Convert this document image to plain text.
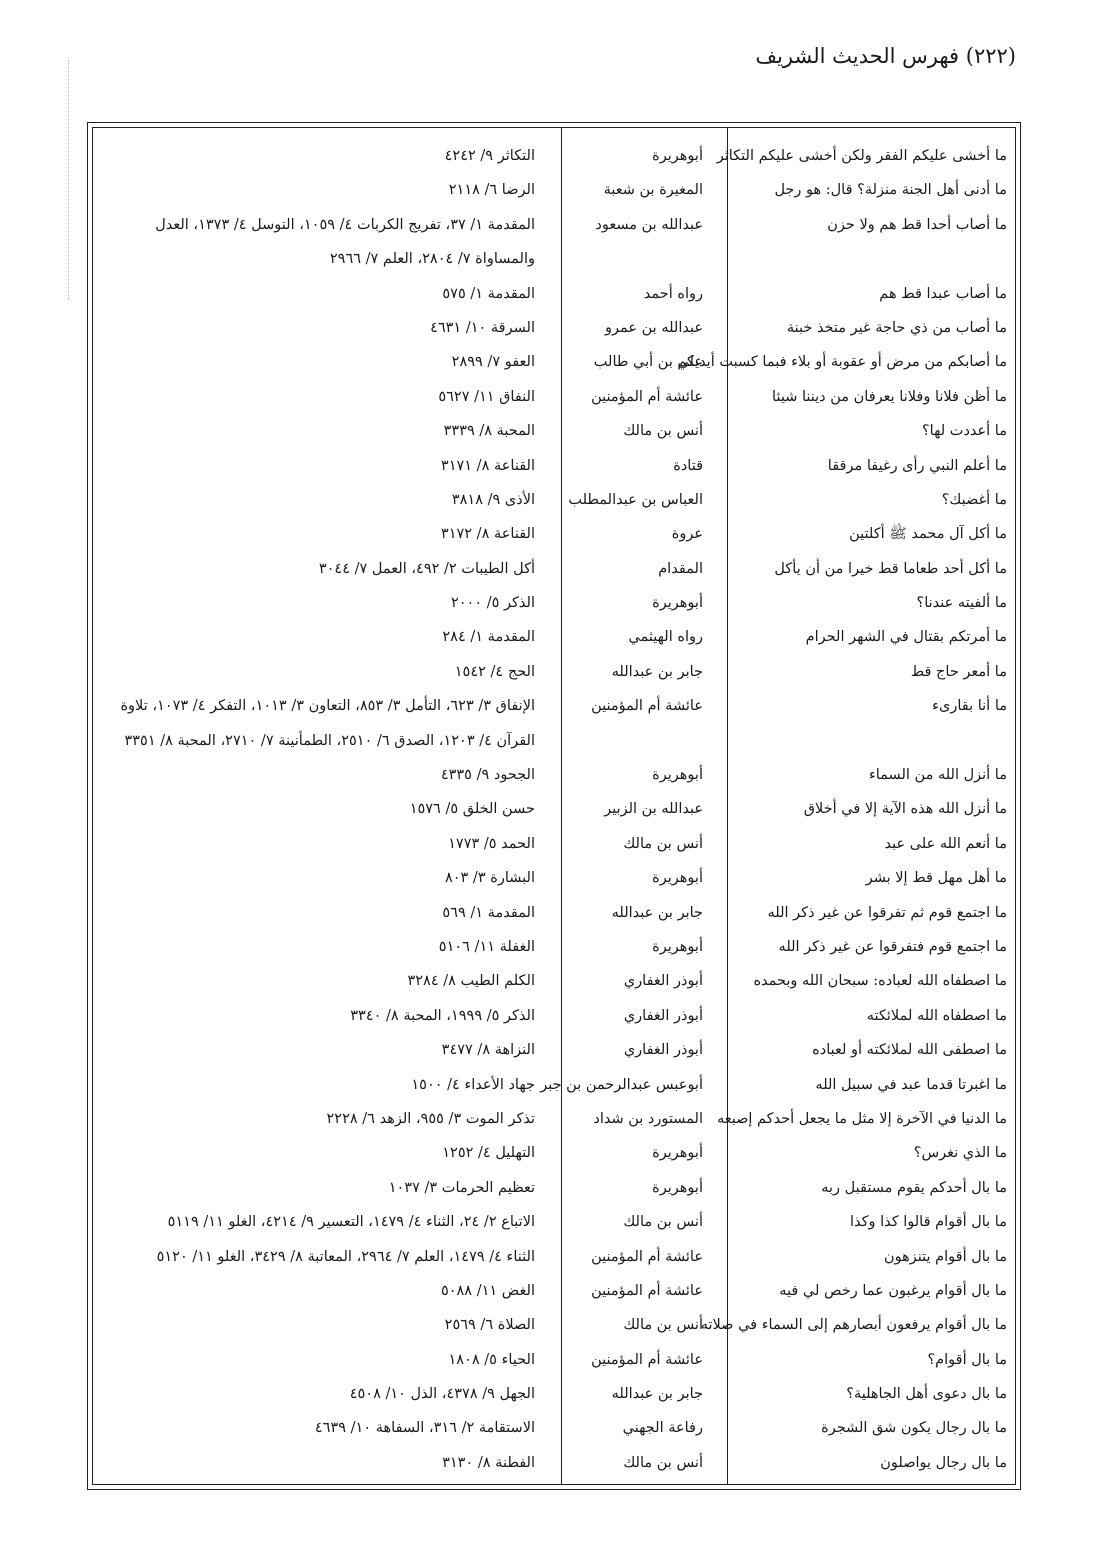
(٢٢٢) فهرس الحديث الشريف
ما أخشى عليكم الفقر ولكن أخشى عليكم التكاثر
أبوهريرة
التكاثر ٩/ ٤٢٤٢
ما أدنى أهل الجنة منزلة؟ قال: هو رجل
المغيرة بن شعبة
الرضا ٦/ ٢١١٨
ما أصاب أحدا قط هم ولا حزن
عبدالله بن مسعود
المقدمة ١/ ٣٧، تفريج الكربات ٤/ ١٠٥٩، التوسل ٤/ ١٣٧٣، العدل والمساواة ٧/ ٢٨٠٤، العلم ٧/ ٢٩٦٦
ما أصاب عبدا قط هم
رواه أحمد
المقدمة ١/ ٥٧٥
ما أصاب من ذي حاجة غير متخذ خبنة
عبدالله بن عمرو
السرقة ١٠/ ٤٦٣١
ما أصابكم من مرض أو عقوبة أو بلاء فبما كسبت أيديكم
علي بن أبي طالب
العفو ٧/ ٢٨٩٩
ما أظن فلانا وفلانا يعرفان من ديننا شيئا
عائشة أم المؤمنين
النفاق ١١/ ٥٦٢٧
ما أعددت لها؟
أنس بن مالك
المحبة ٨/ ٣٣٣٩
ما أعلم النبي رأى رغيفا مرققا
قتادة
القناعة ٨/ ٣١٧١
ما أغضبك؟
العباس بن عبدالمطلب
الأذى ٩/ ٣٨١٨
ما أكل آل محمد ﷺ أكلتين
عروة
القناعة ٨/ ٣١٧٢
ما أكل أحد طعاما قط خيرا من أن يأكل
المقدام
أكل الطيبات ٢/ ٤٩٢، العمل ٧/ ٣٠٤٤
ما ألفيته عندنا؟
أبوهريرة
الذكر ٥/ ٢٠٠٠
ما أمرتكم بقتال في الشهر الحرام
رواه الهيثمي
المقدمة ١/ ٢٨٤
ما أمعر حاج قط
جابر بن عبدالله
الحج ٤/ ١٥٤٢
ما أنا بقارىء
عائشة أم المؤمنين
الإنفاق ٣/ ٦٢٣، التأمل ٣/ ٨٥٣، التعاون ٣/ ١٠١٣، التفكر ٤/ ١٠٧٣، تلاوة القرآن ٤/ ١٢٠٣، الصدق ٦/ ٢٥١٠، الطمأنينة ٧/ ٢٧١٠، المحبة ٨/ ٣٣٥١
ما أنزل الله من السماء
أبوهريرة
الجحود ٩/ ٤٣٣٥
ما أنزل الله هذه الآية إلا في أخلاق
عبدالله بن الزبير
حسن الخلق ٥/ ١٥٧٦
ما أنعم الله على عبد
أنس بن مالك
الحمد ٥/ ١٧٧٣
ما أهل مهل قط إلا بشر
أبوهريرة
البشارة ٣/ ٨٠٣
ما اجتمع قوم ثم تفرقوا عن غير ذكر الله
جابر بن عبدالله
المقدمة ١/ ٥٦٩
ما اجتمع قوم فتفرقوا عن غير ذكر الله
أبوهريرة
الغفلة ١١/ ٥١٠٦
ما اصطفاه الله لعباده: سبحان الله وبحمده
أبوذر الغفاري
الكلم الطيب ٨/ ٣٢٨٤
ما اصطفاه الله لملائكته
أبوذر الغفاري
الذكر ٥/ ١٩٩٩، المحبة ٨/ ٣٣٤٠
ما اصطفى الله لملائكته أو لعباده
أبوذر الغفاري
النزاهة ٨/ ٣٤٧٧
ما اغبرتا قدما عبد في سبيل الله
أبوعبس عبدالرحمن بن جبر
جهاد الأعداء ٤/ ١٥٠٠
ما الدنيا في الآخرة إلا مثل ما يجعل أحدكم إصبعه
المستورد بن شداد
تذكر الموت ٣/ ٩٥٥، الزهد ٦/ ٢٢٢٨
ما الذي نغرس؟
أبوهريرة
التهليل ٤/ ١٢٥٢
ما بال أحدكم يقوم مستقبل ربه
أبوهريرة
تعظيم الحرمات ٣/ ١٠٣٧
ما بال أقوام قالوا كذا وكذا
أنس بن مالك
الاتباع ٢/ ٢٤، الثناء ٤/ ١٤٧٩، التعسير ٩/ ٤٢١٤، الغلو ١١/ ٥١١٩
ما بال أقوام يتنزهون
عائشة أم المؤمنين
الثناء ٤/ ١٤٧٩، العلم ٧/ ٢٩٦٤، المعاتبة ٨/ ٣٤٢٩، الغلو ١١/ ٥١٢٠
ما بال أقوام يرغبون عما رخص لي فيه
عائشة أم المؤمنين
الغض ١١/ ٥٠٨٨
ما بال أقوام يرفعون أبصارهم إلى السماء في صلاته
أنس بن مالك
الصلاة ٦/ ٢٥٦٩
ما بال أقوام؟
عائشة أم المؤمنين
الحياء ٥/ ١٨٠٨
ما بال دعوى أهل الجاهلية؟
جابر بن عبدالله
الجهل ٩/ ٤٣٧٨، الذل ١٠/ ٤٥٠٨
ما بال رجال يكون شق الشجرة
رفاعة الجهني
الاستقامة ٢/ ٣١٦، السفاهة ١٠/ ٤٦٣٩
ما بال رجال يواصلون
أنس بن مالك
الفطنة ٨/ ٣١٣٠
